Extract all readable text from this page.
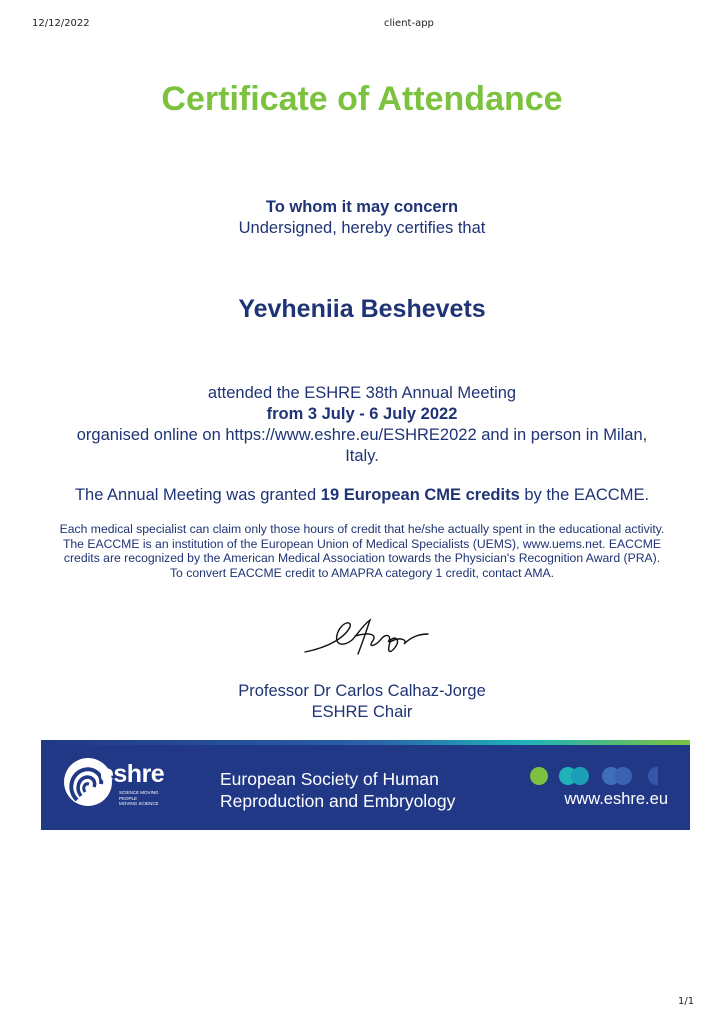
12/12/2022	client-app
Certificate of Attendance
To whom it may concern
Undersigned, hereby certifies that
Yevheniia Beshevets
attended the ESHRE 38th Annual Meeting
from 3 July - 6 July 2022
organised online on https://www.eshre.eu/ESHRE2022 and in person in Milan,
Italy.
The Annual Meeting was granted 19 European CME credits by the EACCME.
Each medical specialist can claim only those hours of credit that he/she actually spent in the educational activity.
The EACCME is an institution of the European Union of Medical Specialists (UEMS), www.uems.net. EACCME
credits are recognized by the American Medical Association towards the Physician's Recognition Award (PRA).
To convert EACCME credit to AMAPRA category 1 credit, contact AMA.
Professor Dr Carlos Calhaz-Jorge
ESHRE Chair
eshre
SCIENCE MOVING
PEOPLE
MOVING SCIENCE
European Society of Human
Reproduction and Embryology	www.eshre.eu
1/1
